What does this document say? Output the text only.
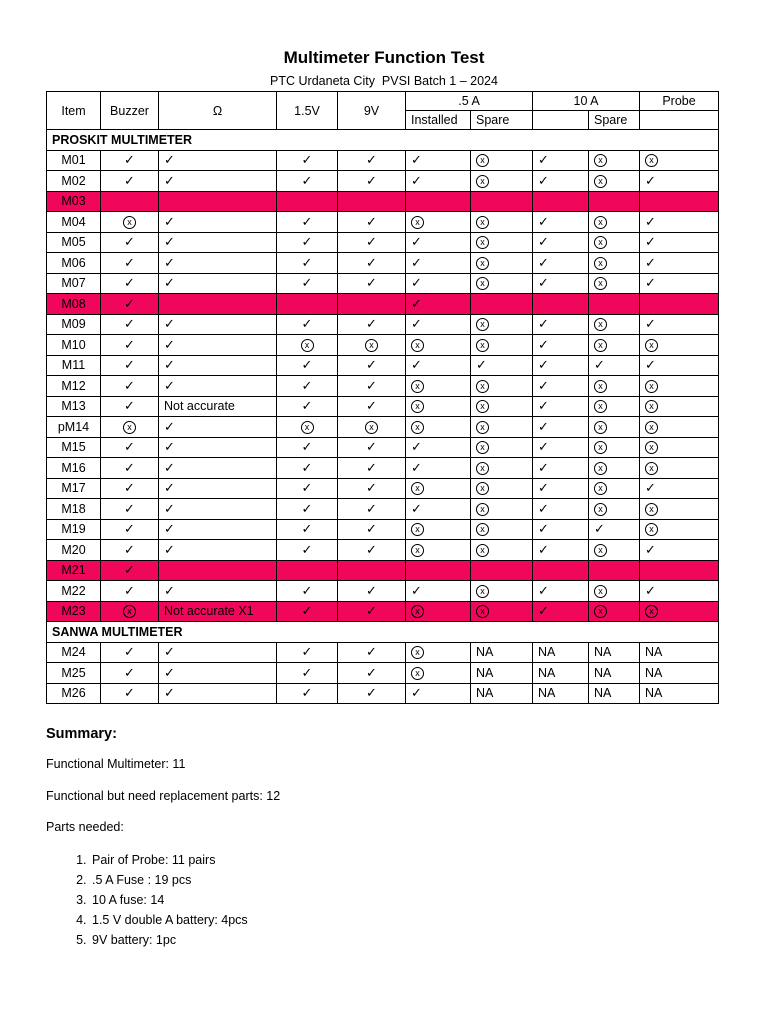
Multimeter Function Test
PTC Urdaneta City  PVSI Batch 1 – 2024
Item	Buzzer	Ω	1.5V	9V	.5 A		10 A		Probe
					Installed	Spare		Spare	
PROSKIT MULTIMETER									
M01	✓	✓	✓	✓	✓	x	✓	x	x
M02	✓	✓	✓	✓	✓	x	✓	x	✓
M03									
M04	x	✓	✓	✓	x	x	✓	x	✓
M05	✓	✓	✓	✓	✓	x	✓	x	✓
M06	✓	✓	✓	✓	✓	x	✓	x	✓
M07	✓	✓	✓	✓	✓	x	✓	x	✓
M08	✓				✓				
M09	✓	✓	✓	✓	✓	x	✓	x	✓
M10	✓	✓	x	x	x	x	✓	x	x
M11	✓	✓	✓	✓	✓	✓	✓	✓	✓
M12	✓	✓	✓	✓	x	x	✓	x	x
M13	✓	Not accurate	✓	✓	x	x	✓	x	x
pM14	x	✓	x	x	x	x	✓	x	x
M15	✓	✓	✓	✓	✓	x	✓	x	x
M16	✓	✓	✓	✓	✓	x	✓	x	x
M17	✓	✓	✓	✓	x	x	✓	x	✓
M18	✓	✓	✓	✓	✓	x	✓	x	x
M19	✓	✓	✓	✓	x	x	✓	✓	x
M20	✓	✓	✓	✓	x	x	✓	x	✓
M21	✓								
M22	✓	✓	✓	✓	✓	x	✓	x	✓
M23	x	Not accurate X1	✓	✓	x	x	✓	x	x
SANWA MULTIMETER									
M24	✓	✓	✓	✓	x	NA	NA	NA	NA
M25	✓	✓	✓	✓	x	NA	NA	NA	NA
M26	✓	✓	✓	✓	✓	NA	NA	NA	NA
Summary:
Functional Multimeter: 11
Functional but need replacement parts: 12
Parts needed:
1. Pair of Probe: 11 pairs
2. .5 A Fuse : 19 pcs
3. 10 A fuse: 14
4. 1.5 V double A battery: 4pcs
5. 9V battery: 1pc
